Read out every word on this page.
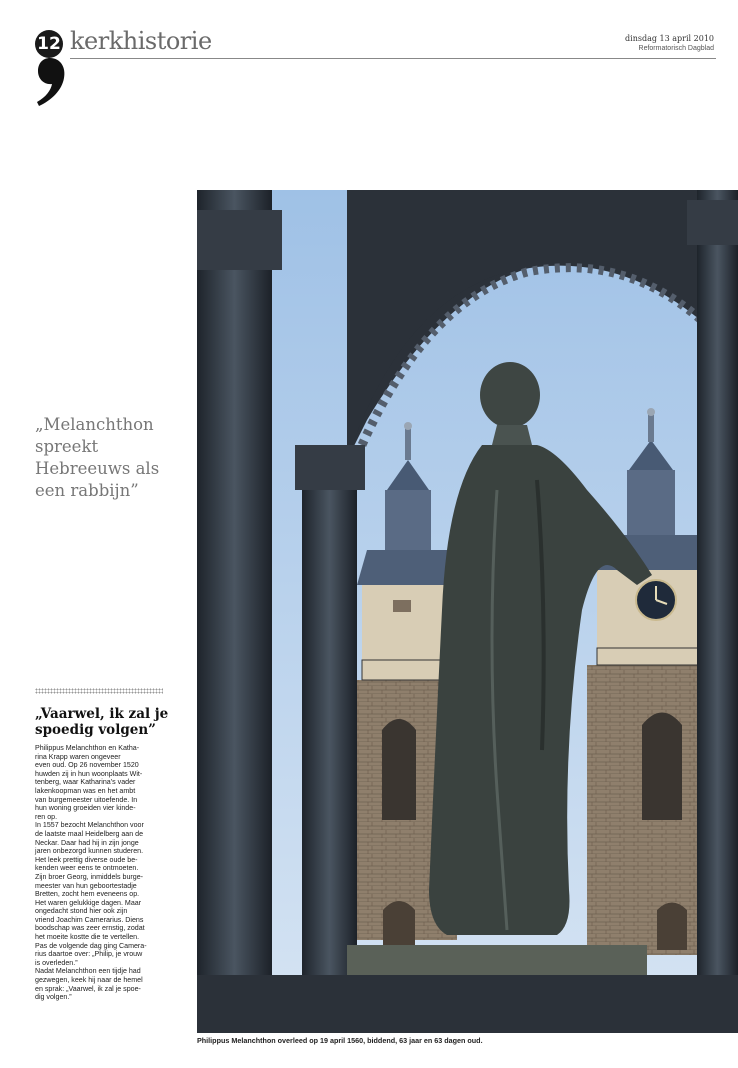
12 kerkhistorie	dinsdag 13 april 2010
Reformatorisch Dagblad
„Melanchthon
spreekt
Hebreeuws als
een rabbijn”
„Vaarwel, ik zal je
spoedig volgen”

Philippus Melanchthon en Katha-

rina Krapp waren ongeveer

even oud. Op 26 november 1520

huwden zij in hun woonplaats Wit-

tenberg, waar Katharina’s vader

lakenkoopman was en het ambt

van burgemeester uitoefende. In

hun woning groeiden vier kinde-

ren op.

In 1557 bezocht Melanchthon voor

de laatste maal Heidelberg aan de

Neckar. Daar had hij in zijn jonge

jaren onbezorgd kunnen studeren.

Het leek prettig diverse oude be-

kenden weer eens te ontmoeten.

Zijn broer Georg, inmiddels burge-

meester van hun geboortestadje

Bretten, zocht hem eveneens op.

Het waren gelukkige dagen. Maar

ongedacht stond hier ook zijn

vriend Joachim Camerarius. Diens

boodschap was zeer ernstig, zodat

het moeite kostte die te vertellen.

Pas de volgende dag ging Camera-

rius daartoe over: „Philip, je vrouw

is overleden.”

Nadat Melanchthon een tijdje had

gezwegen, keek hij naar de hemel

en sprak: „Vaarwel, ik zal je spoe-

dig volgen.”

Philippus Melanchthon overleed op 19 april 1560, biddend, 63 jaar en 63 dagen oud.
